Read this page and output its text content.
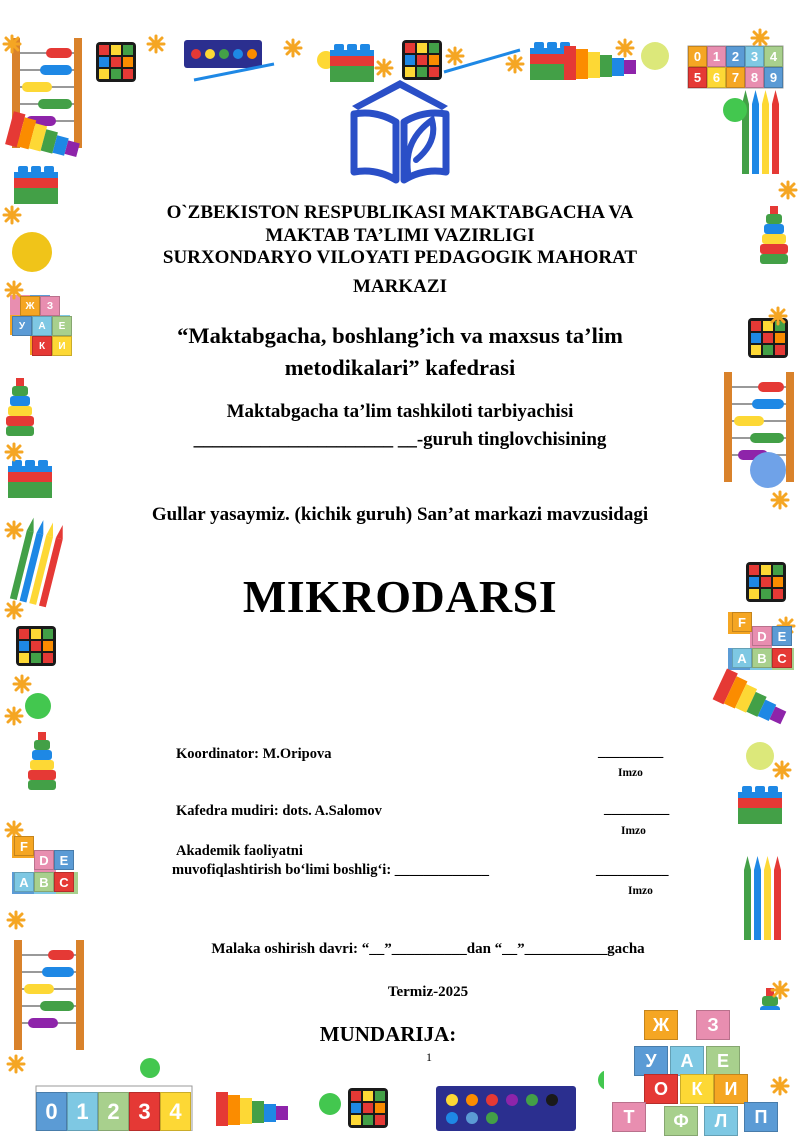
0 1 2 3 4
5 6 7 8 9
0 1 2 3 4
F
D E
A B C
F
D E
A B C
Ж	З
У	А	Е
О	К	И
Т	П
Л
Ф
Ж	З
У	А	Е
К	И
O`ZBEKISTON RESPUBLIKASI MAKTABGACHA VA
MAKTAB TA’LIMI VAZIRLIGI
SURXONDARYO VILOYATI PEDAGOGIK MAHORAT
MARKAZI
“Maktabgacha, boshlang’ich va maxsus ta’lim
metodikalari” kafedrasi
Maktabgacha ta’lim tashkiloti tarbiyachisi
_____________________ __-guruh tinglovchisining
Gullar yasaymiz. (kichik guruh) San’at markazi mavzusidagi
MIKRODARSI
Koordinator: M.Oripova	_________
Imzo
Kafedra mudiri: dots. A.Salomov	_________
Imzo
Akademik faoliyatni
muvofiqlashtirish bo‘limi boshlig‘i: _____________	__________
Imzo
Malaka oshirish davri: “__”__________dan “__”___________gacha
Termiz-2025
MUNDARIJA:
1
